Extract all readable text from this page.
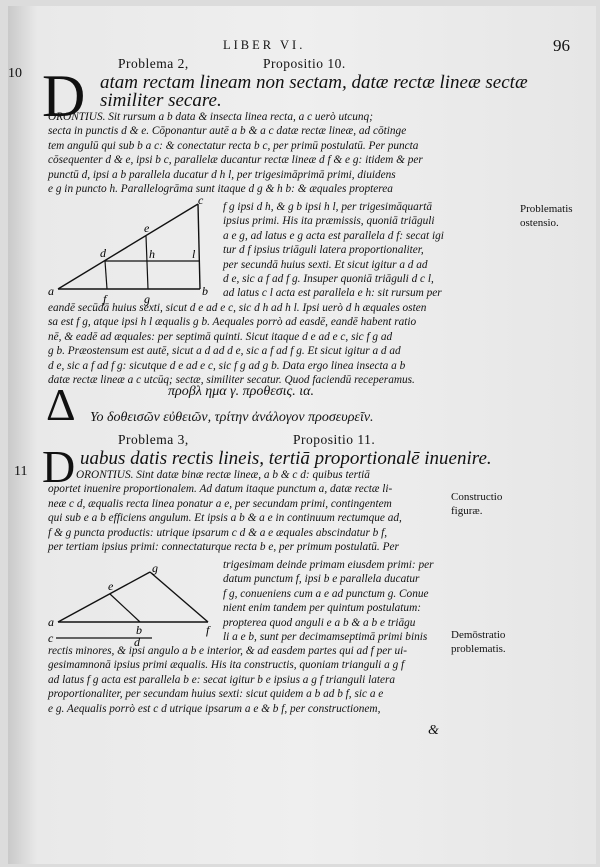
LIBER VI.	96
10
Problema 2,	Propositio 10.
D atam rectam lineam non sectam, datæ rectæ lineæ sectæ
similiter secare.
ORONTIUS. Sit rursum a b data & insecta linea recta, a c uerò utcunq;
secta in punctis d & e. Cōponantur autē a b & a c datæ rectæ lineæ, ad cōtinge
tem angulū qui sub b a c: & conectatur recta b c, per primū postulatū. Per puncta
cōsequenter d & e, ipsi b c, parallelæ ducantur rectæ lineæ d f & e g: itidem & per
punctū d, ipsi a b parallela ducatur d h l, per trigesimāprimā primi, diuidens
e g in puncto h. Parallelogrāma sunt itaque d g & h b: & æquales propterea
a	b
c
d
e
f	g
h	l
f g ipsi d h, & g b ipsi h l, per trigesimāquartā
ipsius primi. His ita præmissis, quoniā triāguli
a e g, ad latus e g acta est parallela d f: secat igi
tur d f ipsius triāguli latera proportionaliter,
per secundā huius sexti. Et sicut igitur a d ad
d e, sic a f ad f g. Insuper quoniā triāguli d c l,
ad latus c l acta est parallela e h: sit rursum per
eandē secūdā huius sexti, sicut d e ad e c, sic d h ad h l. Ipsi uerò d h æquales osten
sa est f g, atque ipsi h l æqualis g b. Aequales porrò ad easdē, eandē habent ratio
nē, & eadē ad æquales: per septimā quinti. Sicut itaque d e ad e c, sic f g ad
g b. Præostensum est autē, sicut a d ad d e, sic a f ad f g. Et sicut igitur a d ad
d e, sic a f ad f g: sicutque d e ad e c, sic f g ad g b. Data ergo linea insecta a b
datæ rectæ lineæ a c utcūq; sectæ, similiter secatur. Quod faciendū receperamus.
Problematis
ostensio.
προβλ ημα γ. προθεσις. ια.
Δ Υο δοθεισῶν εὐθειῶν, τρίτην ἀνάλογον προσευρεῖν.
Problema 3,	Propositio 11.
11 D uabus datis rectis lineis, tertiā proportionalē inuenire.
ORONTIUS. Sint datæ binæ rectæ lineæ, a b & c d: quibus tertiā
oportet inuenire proportionalem. Ad datum itaque punctum a, datæ rectæ li-
neæ c d, æqualis recta linea ponatur a e, per secundam primi, contingentem
qui sub e a b efficiens angulum. Et ipsis a b & a e in continuum rectumque ad,
f & g puncta productis: utrique ipsarum c d & a e æquales abscindatur b f,
per tertiam ipsius primi: connectaturque recta b e, per primum postulatū. Per
Constructio
figuræ.
a
b
c	d
e
f
g	trigesimam deinde primam eiusdem primi: per
datum punctum f, ipsi b e parallela ducatur
f g, conueniens cum a e ad punctum g. Conue
nient enim tandem per quintum postulatum:
propterea quod anguli e a b & a b e triāgu
li a e b, sunt per decimamseptimā primi binis Demōstratio
problematis.
rectis minores, & ipsi angulo a b e interior, & ad easdem partes qui ad f per ui-
gesimamnonā ipsius primi æqualis. His ita constructis, quoniam trianguli a g f
ad latus f g acta est parallela b e: secat igitur b e ipsius a g f trianguli latera
proportionaliter, per secundam huius sexti: sicut quidem a b ad b f, sic a e
e g. Aequalis porrò est c d utrique ipsarum a e & b f, per constructionem,
&
